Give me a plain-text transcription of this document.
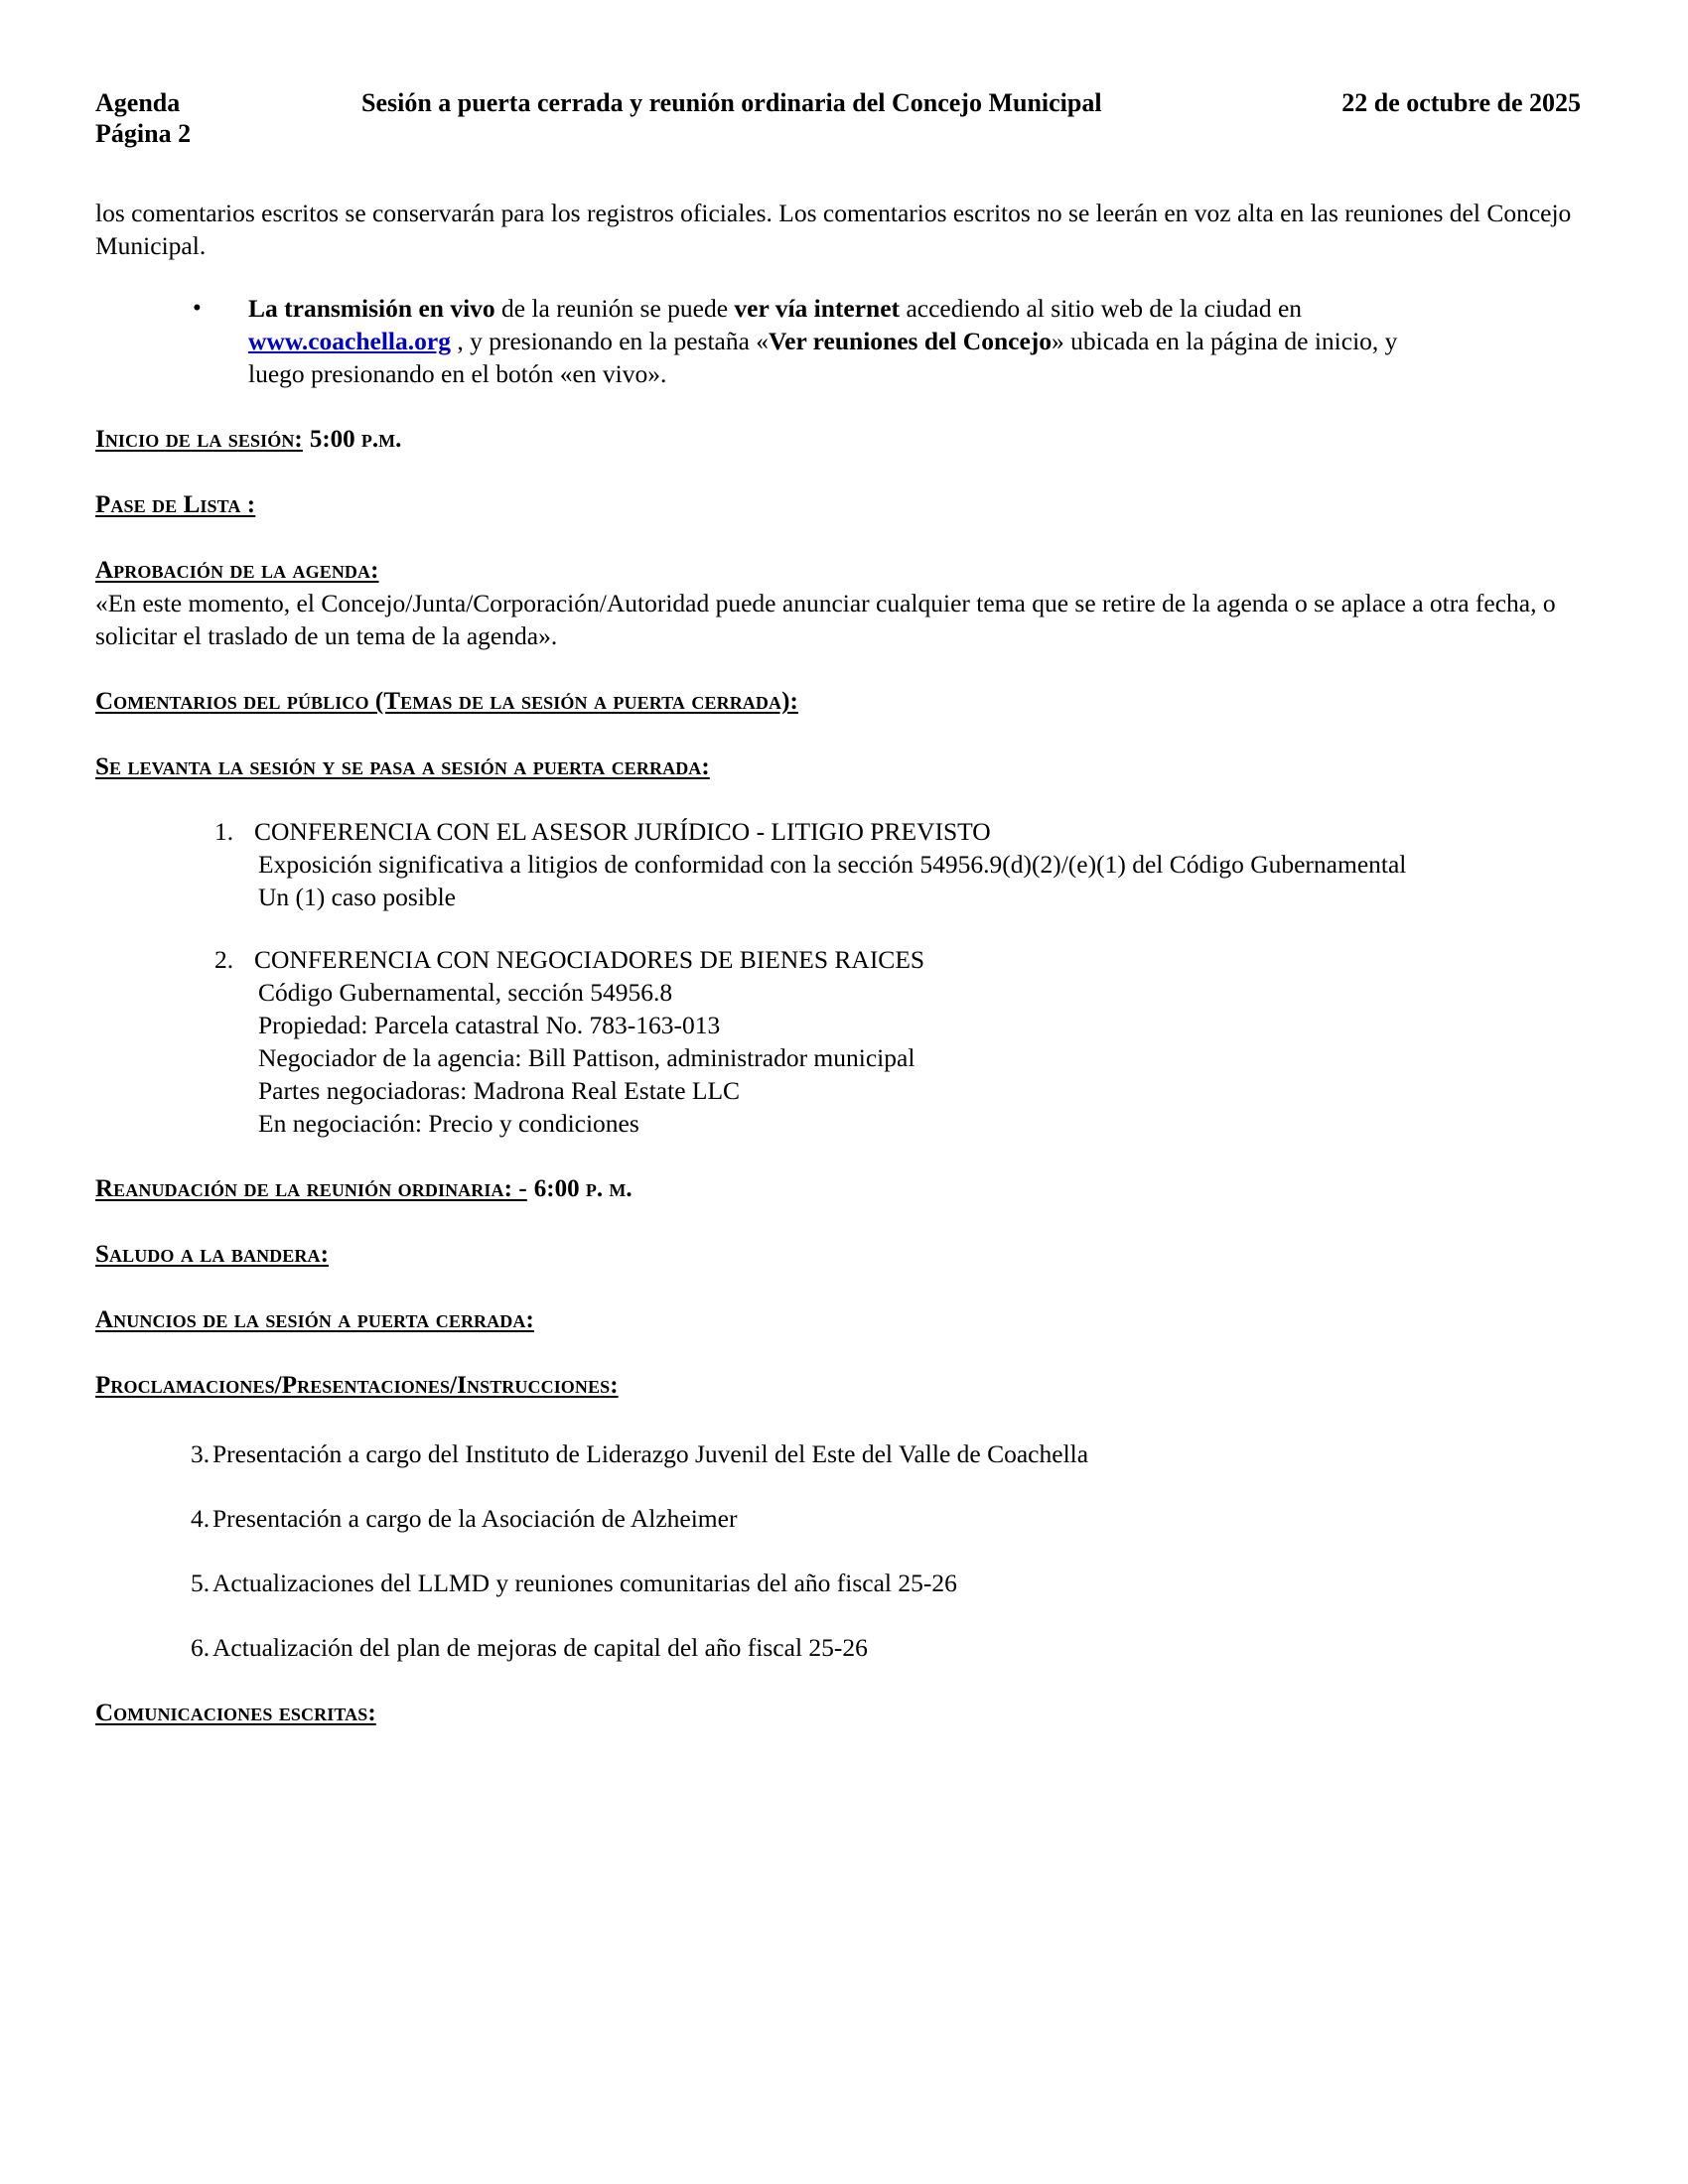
Agenda
Página 2
Sesión a puerta cerrada y reunión ordinaria del Concejo Municipal	22 de octubre de 2025

los comentarios escritos se conservarán para los registros oficiales. Los comentarios escritos no se leerán en voz alta en las reuniones del Concejo Municipal.

• La transmisión en vivo de la reunión se puede ver vía internet accediendo al sitio web de la ciudad en
www.coachella.org , y presionando en la pestaña «Ver reuniones del Concejo» ubicada en la página de inicio, y
luego presionando en el botón «en vivo».
Inicio de la sesión: 5:00 p.m.
Pase de Lista :
Aprobación de la agenda:

«En este momento, el Concejo/Junta/Corporación/Autoridad puede anunciar cualquier tema que se retire de la agenda o se aplace a otra fecha, o solicitar el traslado de un tema de la agenda».

Comentarios del público (Temas de la sesión a puerta cerrada):
Se levanta la sesión y se pasa a sesión a puerta cerrada:
1. CONFERENCIA CON EL ASESOR JURÍDICO - LITIGIO PREVISTO
Exposición significativa a litigios de conformidad con la sección 54956.9(d)(2)/(e)(1) del Código Gubernamental
Un (1) caso posible
2. CONFERENCIA CON NEGOCIADORES DE BIENES RAICES
Código Gubernamental, sección 54956.8
Propiedad: Parcela catastral No. 783-163-013
Negociador de la agencia: Bill Pattison, administrador municipal
Partes negociadoras: Madrona Real Estate LLC
En negociación: Precio y condiciones
Reanudación de la reunión ordinaria: - 6:00 p. m.
Saludo a la bandera:
Anuncios de la sesión a puerta cerrada:
Proclamaciones/Presentaciones/Instrucciones:
3. Presentación a cargo del Instituto de Liderazgo Juvenil del Este del Valle de Coachella
4. Presentación a cargo de la Asociación de Alzheimer
5. Actualizaciones del LLMD y reuniones comunitarias del año fiscal 25-26
6. Actualización del plan de mejoras de capital del año fiscal 25-26
Comunicaciones escritas:
